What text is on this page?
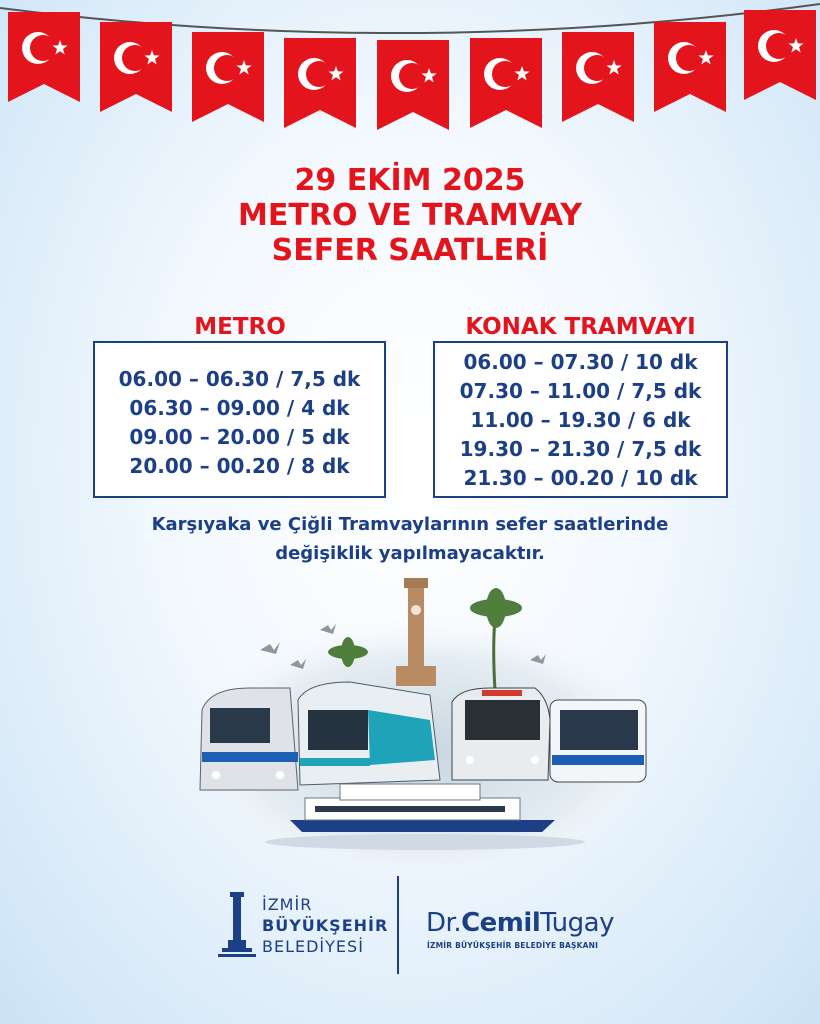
29 EKİM 2025
METRO VE TRAMVAY
SEFER SAATLERİ
METRO
06.00 – 06.30 / 7,5 dk
06.30 – 09.00 / 4 dk
09.00 – 20.00 / 5 dk
20.00 – 00.20 / 8 dk
KONAK TRAMVAYI
06.00 – 07.30 / 10 dk
07.30 – 11.00 / 7,5 dk
11.00 – 19.30 / 6 dk
19.30 – 21.30 / 7,5 dk
21.30 – 00.20 / 10 dk
Karşıyaka ve Çiğli Tramvaylarının sefer saatlerinde
değişiklik yapılmayacaktır.
İZMİR
BÜYÜKŞEHİR
BELEDİYESİ
Dr.CemilTugay
İZMİR BÜYÜKŞEHİR BELEDİYE BAŞKANI
